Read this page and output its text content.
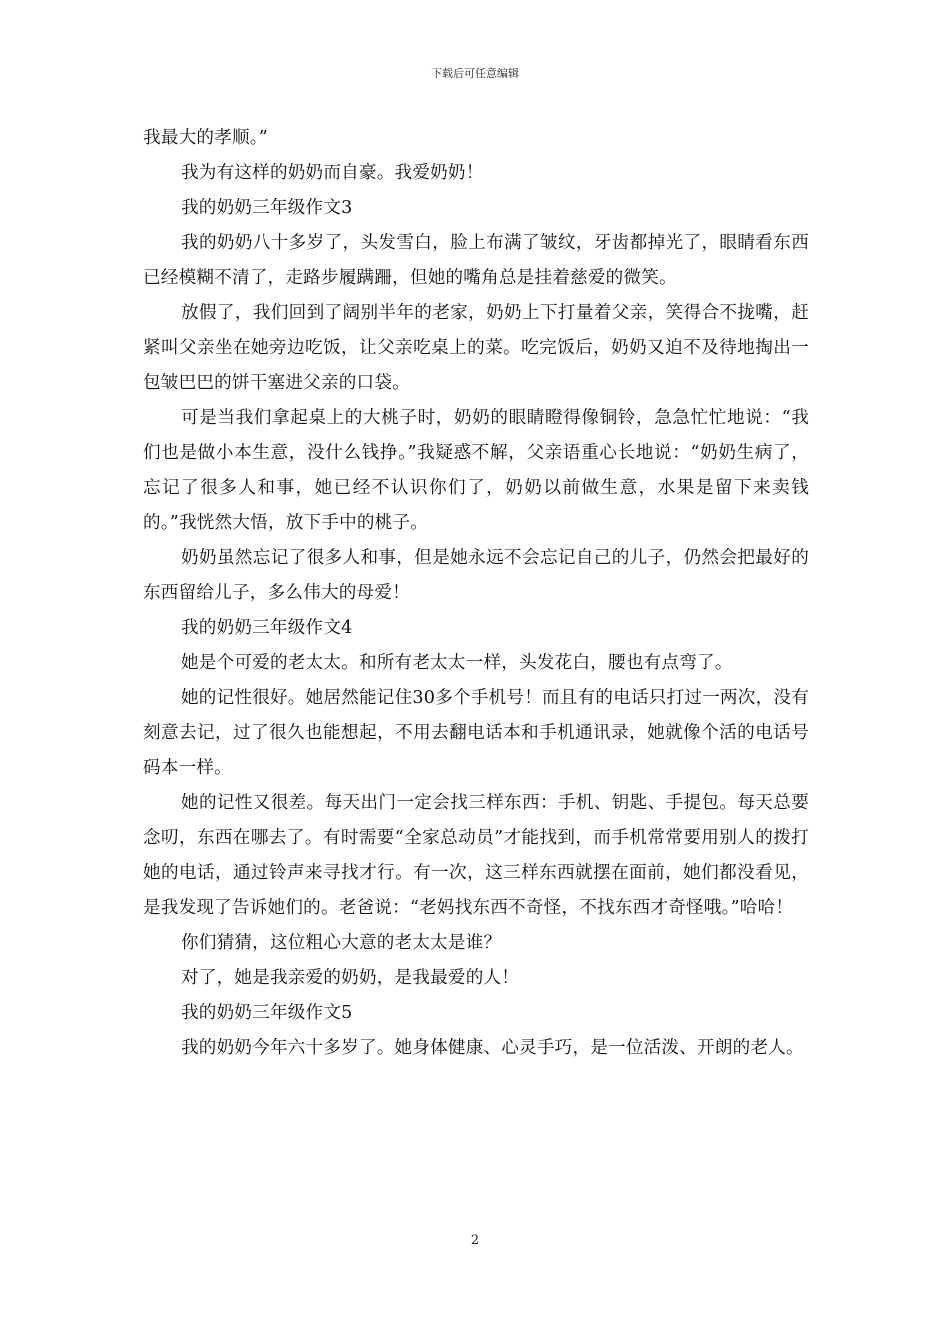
下载后可任意编辑

我最大的孝顺。”

我为有这样的奶奶而自豪。我爱奶奶！

我的奶奶三年级作文3

我的奶奶八十多岁了，头发雪白，脸上布满了皱纹，牙齿都掉光了，眼睛看东西已经模糊不清了，走路步履蹒跚，但她的嘴角总是挂着慈爱的微笑。

放假了，我们回到了阔别半年的老家，奶奶上下打量着父亲，笑得合不拢嘴，赶紧叫父亲坐在她旁边吃饭，让父亲吃桌上的菜。吃完饭后，奶奶又迫不及待地掏出一包皱巴巴的饼干塞进父亲的口袋。

可是当我们拿起桌上的大桃子时，奶奶的眼睛瞪得像铜铃，急急忙忙地说：“我们也是做小本生意，没什么钱挣。”我疑惑不解，父亲语重心长地说：“奶奶生病了，忘记了很多人和事，她已经不认识你们了，奶奶以前做生意，水果是留下来卖钱的。”我恍然大悟，放下手中的桃子。

奶奶虽然忘记了很多人和事，但是她永远不会忘记自己的儿子，仍然会把最好的东西留给儿子，多么伟大的母爱！

我的奶奶三年级作文4

她是个可爱的老太太。和所有老太太一样，头发花白，腰也有点弯了。

她的记性很好。她居然能记住30多个手机号！而且有的电话只打过一两次，没有刻意去记，过了很久也能想起，不用去翻电话本和手机通讯录，她就像个活的电话号码本一样。

她的记性又很差。每天出门一定会找三样东西：手机、钥匙、手提包。每天总要念叨，东西在哪去了。有时需要“全家总动员”才能找到，而手机常常要用别人的拨打她的电话，通过铃声来寻找才行。有一次，这三样东西就摆在面前，她们都没看见，是我发现了告诉她们的。老爸说：“老妈找东西不奇怪，不找东西才奇怪哦。”哈哈！

你们猜猜，这位粗心大意的老太太是谁？

对了，她是我亲爱的奶奶，是我最爱的人！

我的奶奶三年级作文5

我的奶奶今年六十多岁了。她身体健康、心灵手巧，是一位活泼、开朗的老人。

2
